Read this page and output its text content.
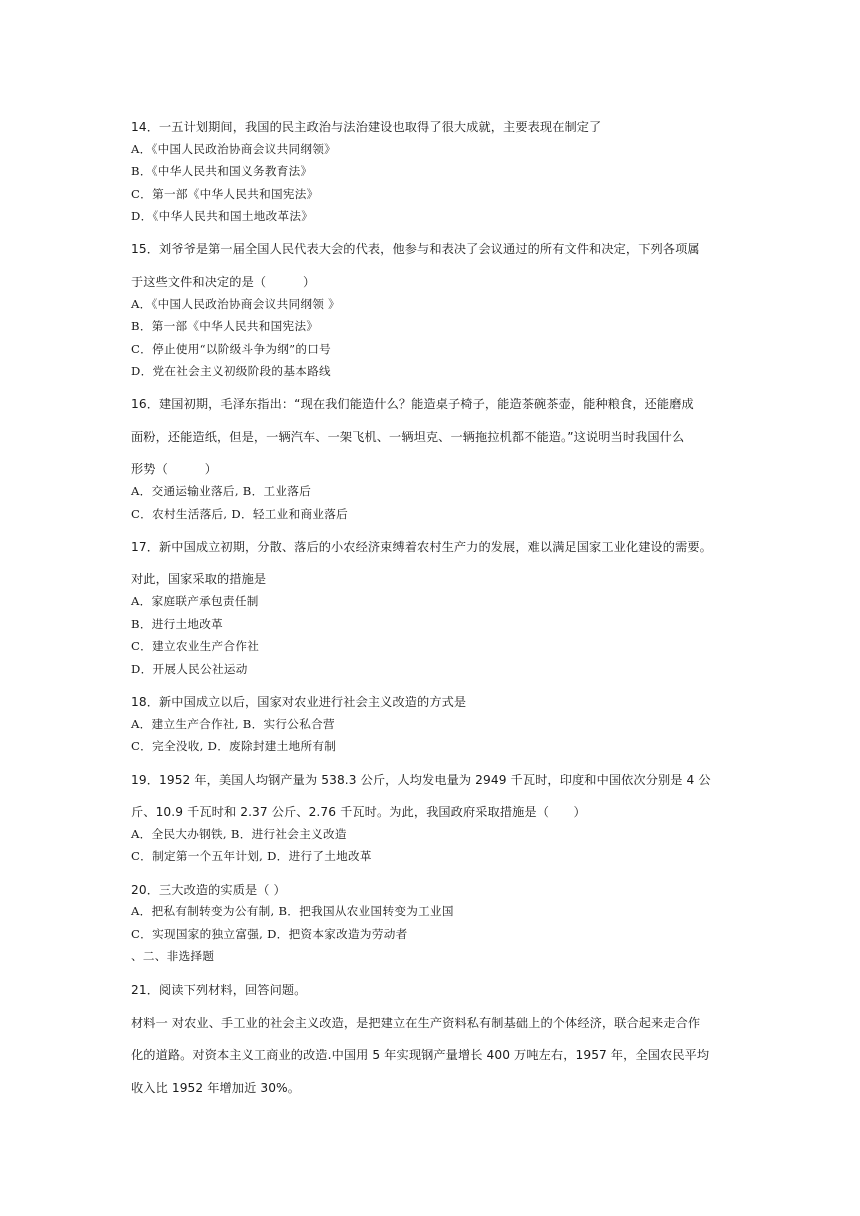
14．一五计划期间，我国的民主政治与法治建设也取得了很大成就，主要表现在制定了
A．《中国人民政治协商会议共同纲领》
B．《中华人民共和国义务教育法》
C．第一部《中华人民共和国宪法》
D．《中华人民共和国土地改革法》
15．刘爷爷是第一届全国人民代表大会的代表，他参与和表决了会议通过的所有文件和决定，下列各项属
于这些文件和决定的是（　　　）
A．《中国人民政治协商会议共同纲领 》
B．第一部《中华人民共和国宪法》
C．停止使用“以阶级斗争为纲”的口号
D．党在社会主义初级阶段的基本路线
16．建国初期，毛泽东指出：“现在我们能造什么？能造桌子椅子，能造茶碗茶壶，能种粮食，还能磨成
面粉，还能造纸，但是，一辆汽车、一架飞机、一辆坦克、一辆拖拉机都不能造。”这说明当时我国什么
形势（　　　）
A．交通运输业落后, B．工业落后
C．农村生活落后, D．轻工业和商业落后
17．新中国成立初期，分散、落后的小农经济束缚着农村生产力的发展，难以满足国家工业化建设的需要。
对此，国家采取的措施是
A．家庭联产承包责任制
B．进行土地改革
C．建立农业生产合作社
D．开展人民公社运动
18．新中国成立以后，国家对农业进行社会主义改造的方式是
A．建立生产合作社, B．实行公私合营
C．完全没收, D．废除封建土地所有制
19．1952 年，美国人均钢产量为 538.3 公斤，人均发电量为 2949 千瓦时，印度和中国依次分别是 4 公
斤、10.9 千瓦时和 2.37 公斤、2.76 千瓦时。为此，我国政府采取措施是（　　）
A．全民大办钢铁, B．进行社会主义改造
C．制定第一个五年计划, D．进行了土地改革
20．三大改造的实质是（ ）
A．把私有制转变为公有制, B．把我国从农业国转变为工业国
C．实现国家的独立富强, D．把资本家改造为劳动者
、二、非选择题
21．阅读下列材料，回答问题。
材料一 对农业、手工业的社会主义改造，是把建立在生产资料私有制基础上的个体经济，联合起来走合作
化的道路。对资本主义工商业的改造.中国用 5 年实现钢产量增长 400 万吨左右，1957 年，全国农民平均
收入比 1952 年增加近 30%。
